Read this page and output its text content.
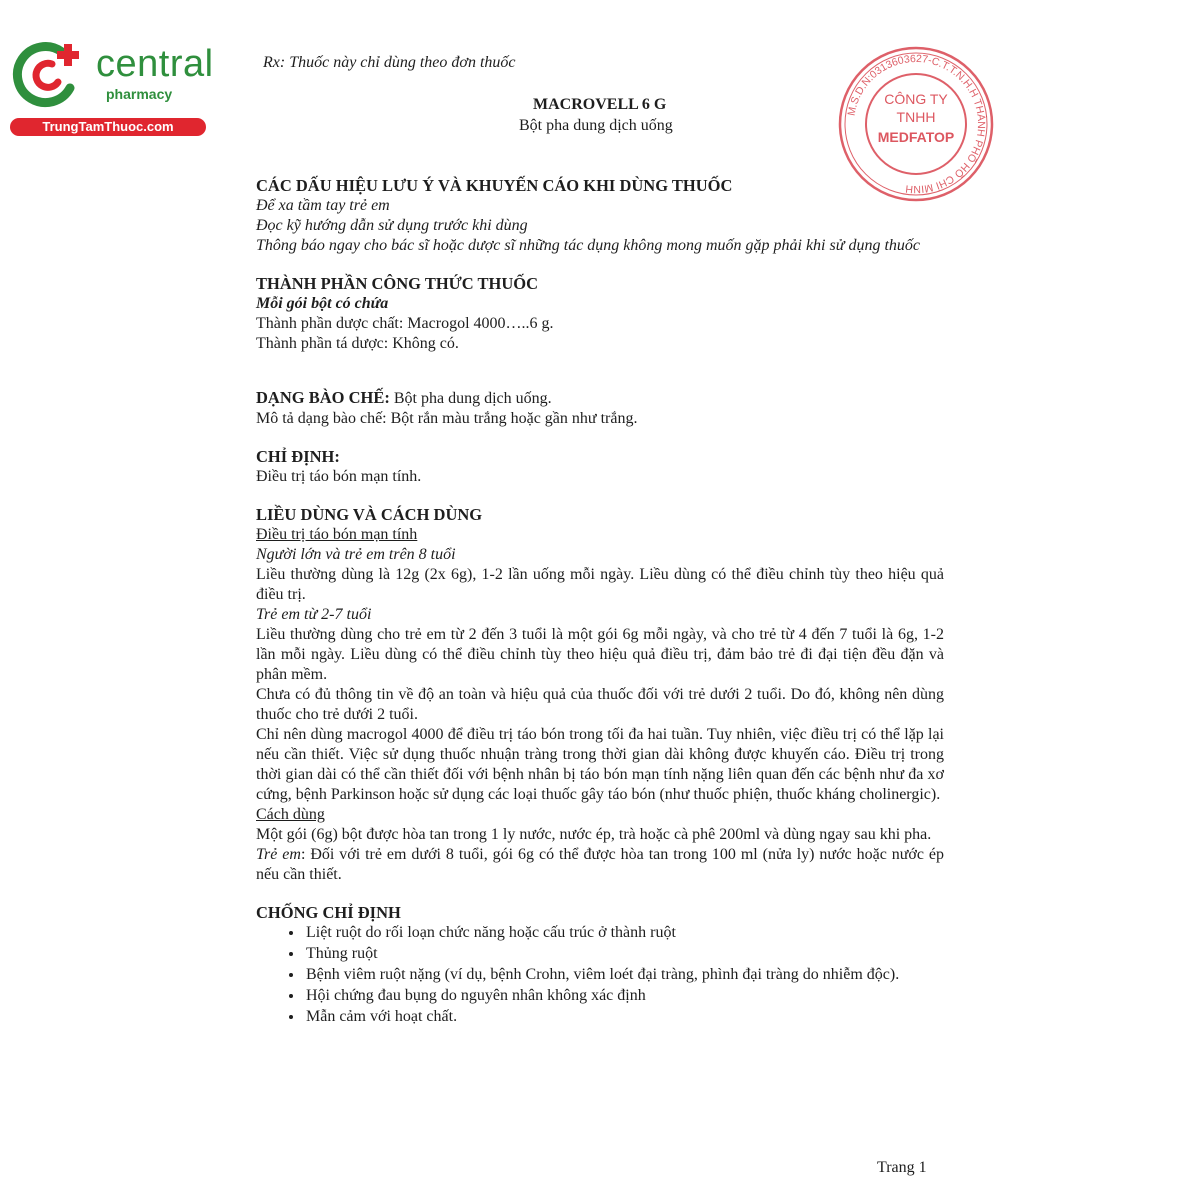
central
pharmacy
TrungTamThuoc.com
M.S.D.N:0313603627-C.T.T.N.H.H THÀNH PHỐ HỒ CHÍ MINH
CÔNG TY
TNHH
MEDFATOP
Rx: Thuốc này chỉ dùng theo đơn thuốc
MACROVELL 6 G
Bột pha dung dịch uống

CÁC DẤU HIỆU LƯU Ý VÀ KHUYẾN CÁO KHI DÙNG THUỐC

Để xa tầm tay trẻ em

Đọc kỹ hướng dẫn sử dụng trước khi dùng

Thông báo ngay cho bác sĩ hoặc dược sĩ những tác dụng không mong muốn gặp phải khi sử dụng thuốc

THÀNH PHẦN CÔNG THỨC THUỐC

Mỗi gói bột có chứa

Thành phần dược chất: Macrogol 4000…..6 g.

Thành phần tá dược: Không có.

DẠNG BÀO CHẾ: Bột pha dung dịch uống.

Mô tả dạng bào chế: Bột rắn màu trắng hoặc gần như trắng.

CHỈ ĐỊNH:

Điều trị táo bón mạn tính.

LIỀU DÙNG VÀ CÁCH DÙNG

Điều trị táo bón mạn tính

Người lớn và trẻ em trên 8 tuổi

Liều thường dùng là 12g (2x 6g), 1-2 lần uống mỗi ngày. Liều dùng có thể điều chỉnh tùy theo hiệu quả điều trị.

Trẻ em từ 2-7 tuổi

Liều thường dùng cho trẻ em từ 2 đến 3 tuổi là một gói 6g mỗi ngày, và cho trẻ từ 4 đến 7 tuổi là 6g, 1-2 lần mỗi ngày. Liều dùng có thể điều chỉnh tùy theo hiệu quả điều trị, đảm bảo trẻ đi đại tiện đều đặn và phân mềm.

Chưa có đủ thông tin về độ an toàn và hiệu quả của thuốc đối với trẻ dưới 2 tuổi. Do đó, không nên dùng thuốc cho trẻ dưới 2 tuổi.

Chỉ nên dùng macrogol 4000 để điều trị táo bón trong tối đa hai tuần. Tuy nhiên, việc điều trị có thể lặp lại nếu cần thiết. Việc sử dụng thuốc nhuận tràng trong thời gian dài không được khuyến cáo. Điều trị trong thời gian dài có thể cần thiết đối với bệnh nhân bị táo bón mạn tính nặng liên quan đến các bệnh như đa xơ cứng, bệnh Parkinson hoặc sử dụng các loại thuốc gây táo bón (như thuốc phiện, thuốc kháng cholinergic).

Cách dùng

Một gói (6g) bột được hòa tan trong 1 ly nước, nước ép, trà hoặc cà phê 200ml và dùng ngay sau khi pha.

Trẻ em: Đối với trẻ em dưới 8 tuổi, gói 6g có thể được hòa tan trong 100 ml (nửa ly) nước hoặc nước ép nếu cần thiết.

CHỐNG CHỈ ĐỊNH

• Liệt ruột do rối loạn chức năng hoặc cấu trúc ở thành ruột
• Thủng ruột
• Bệnh viêm ruột nặng (ví dụ, bệnh Crohn, viêm loét đại tràng, phình đại tràng do nhiễm độc).
• Hội chứng đau bụng do nguyên nhân không xác định
• Mẫn cảm với hoạt chất.
Trang 1
